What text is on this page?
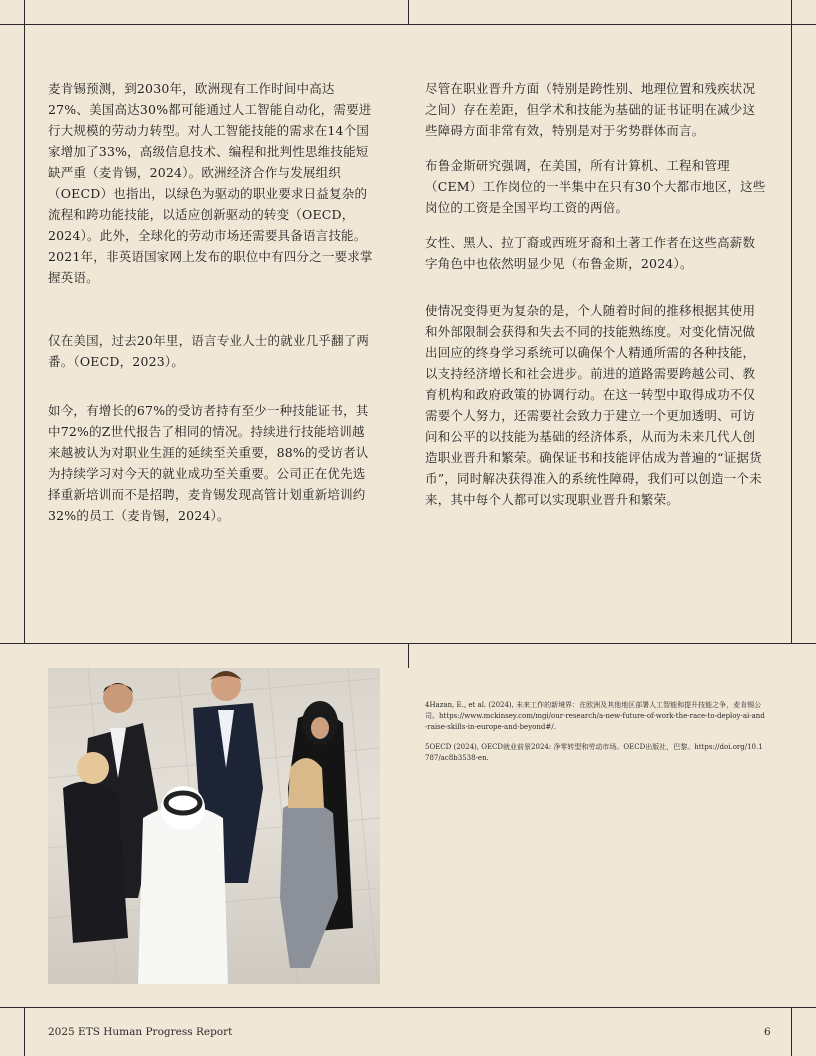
麦肯锡预测，到2030年，欧洲现有工作时间中高达27%、美国高达30%都可能通过人工智能自动化，需要进行大规模的劳动力转型。对人工智能技能的需求在14个国家增加了33%，高级信息技术、编程和批判性思维技能短缺严重（麦肯锡，2024）。欧洲经济合作与发展组织（OECD）也指出，以绿色为驱动的职业要求日益复杂的流程和跨功能技能，以适应创新驱动的转变（OECD，2024）。此外，全球化的劳动市场还需要具备语言技能。2021年，非英语国家网上发布的职位中有四分之一要求掌握英语。

仅在美国，过去20年里，语言专业人士的就业几乎翻了两番。（OECD，2023）。

如今，有增长的67%的受访者持有至少一种技能证书，其中72%的Z世代报告了相同的情况。持续进行技能培训越来越被认为对职业生涯的延续至关重要，88%的受访者认为持续学习对今天的就业成功至关重要。公司正在优先选择重新培训而不是招聘，麦肯锡发现高管计划重新培训约32%的员工（麦肯锡，2024）。

尽管在职业晋升方面（特别是跨性别、地理位置和残疾状况之间）存在差距，但学术和技能为基础的证书证明在减少这些障碍方面非常有效，特别是对于劣势群体而言。

布鲁金斯研究强调，在美国，所有计算机、工程和管理（CEM）工作岗位的一半集中在只有30个大都市地区，这些岗位的工资是全国平均工资的两倍。

女性、黑人、拉丁裔或西班牙裔和土著工作者在这些高薪数字角色中也依然明显少见（布鲁金斯，2024）。

使情况变得更为复杂的是，个人随着时间的推移根据其使用和外部限制会获得和失去不同的技能熟练度。对变化情况做出回应的终身学习系统可以确保个人精通所需的各种技能，以支持经济增长和社会进步。前进的道路需要跨越公司、教育机构和政府政策的协调行动。在这一转型中取得成功不仅需要个人努力，还需要社会致力于建立一个更加透明、可访问和公平的以技能为基础的经济体系，从而为未来几代人创造职业晋升和繁荣。确保证书和技能评估成为普遍的“证据货币”，同时解决获得准入的系统性障碍，我们可以创造一个未来，其中每个人都可以实现职业晋升和繁荣。

4Hazan, E., et al. (2024), 未来工作的新境界：在欧洲及其他地区部署人工智能和提升技能之争，麦肯锡公司。https://www.mckinsey.com/mgi/our-research/a-new-future-of-work-the-race-to-deploy-ai-and-raise-skills-in-europe-and-beyond#/.

5OECD (2024), OECD就业前景2024: 净零转型和劳动市场。OECD出版社，巴黎。https://doi.org/10.1787/ac8b3538-en.

2025 ETS Human Progress Report	6
